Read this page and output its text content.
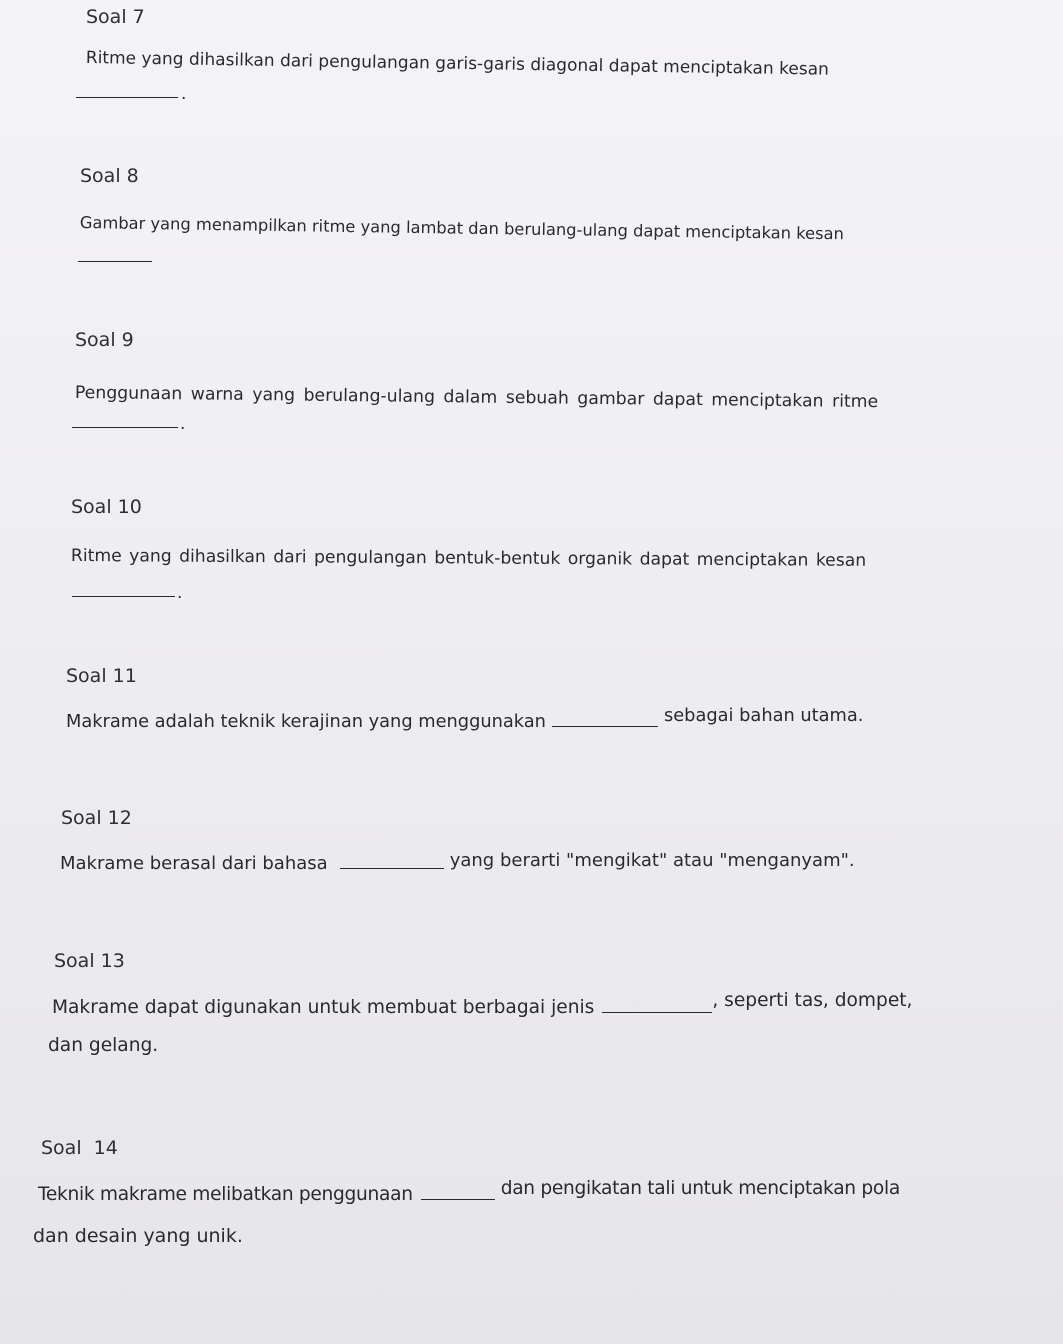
Soal 7
Ritme yang dihasilkan dari pengulangan garis-garis diagonal dapat menciptakan kesan
.
Soal 8
Gambar yang menampilkan ritme yang lambat dan berulang-ulang dapat menciptakan kesan
Soal 9
Penggunaan warna yang berulang-ulang dalam sebuah gambar dapat menciptakan ritme
.
Soal 10
Ritme yang dihasilkan dari pengulangan bentuk-bentuk organik dapat menciptakan kesan
.
Soal 11
Makrame adalah teknik kerajinan yang menggunakan	sebagai bahan utama.
Soal 12
Makrame berasal dari bahasa	yang berarti "mengikat" atau "menganyam".
Soal 13
Makrame dapat digunakan untuk membuat berbagai jenis	, seperti tas, dompet,
dan gelang.
Soal  14
Teknik makrame melibatkan penggunaan	dan pengikatan tali untuk menciptakan pola
dan desain yang unik.
